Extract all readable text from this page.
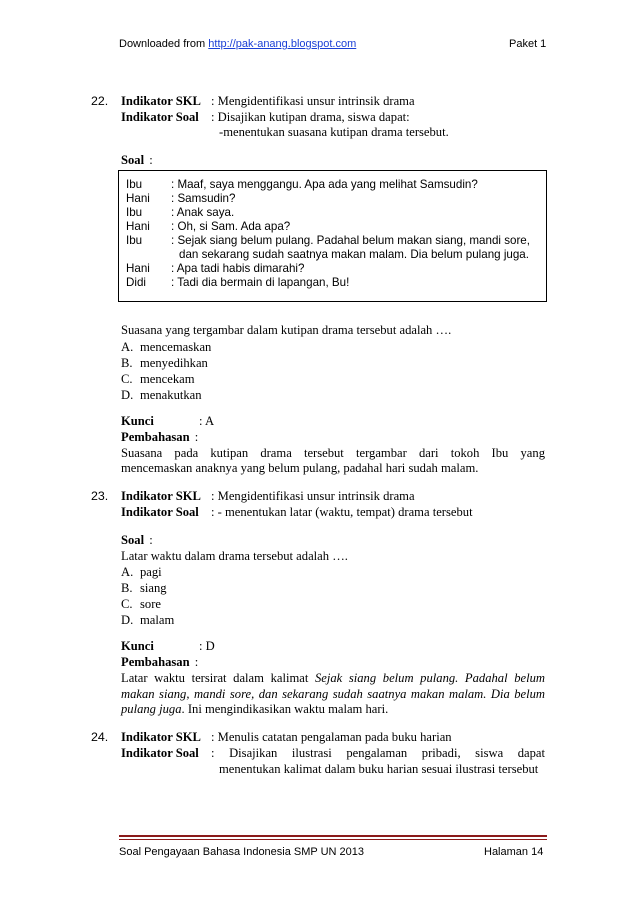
Downloaded from http://pak-anang.blogspot.com	Paket 1
22. Indikator SKL : Mengidentifikasi unsur intrinsik drama
Indikator Soal : Disajikan kutipan drama, siswa dapat:
-menentukan suasana kutipan drama tersebut.
Soal :
Ibu : Maaf, saya menggangu. Apa ada yang melihat Samsudin?
Hani : Samsudin?
Ibu : Anak saya.
Hani : Oh, si Sam. Ada apa?
Ibu : Sejak siang belum pulang. Padahal belum makan siang, mandi sore,
dan sekarang sudah saatnya makan malam. Dia belum pulang juga.
Hani : Apa tadi habis dimarahi?
Didi : Tadi dia bermain di lapangan, Bu!
Suasana yang tergambar dalam kutipan drama tersebut adalah ….
A. mencemaskan
B. menyedihkan
C. mencekam
D. menakutkan
Kunci	: A
Pembahasan :
Suasana pada kutipan drama tersebut tergambar dari tokoh Ibu yang
mencemaskan anaknya yang belum pulang, padahal hari sudah malam.
23. Indikator SKL : Mengidentifikasi unsur intrinsik drama
Indikator Soal : - menentukan latar (waktu, tempat) drama tersebut
Soal :
Latar waktu dalam drama tersebut adalah ….
A. pagi
B. siang
C. sore
D. malam
Kunci	: D
Pembahasan :
Latar waktu tersirat dalam kalimat Sejak siang belum pulang. Padahal belum
makan siang, mandi sore, dan sekarang sudah saatnya makan malam. Dia belum
pulang juga. Ini mengindikasikan waktu malam hari.
24. Indikator SKL : Menulis catatan pengalaman pada buku harian
Indikator Soal : Disajikan ilustrasi pengalaman pribadi, siswa dapat
menentukan kalimat dalam buku harian sesuai ilustrasi tersebut
Soal Pengayaan Bahasa Indonesia SMP UN 2013	Halaman 14
